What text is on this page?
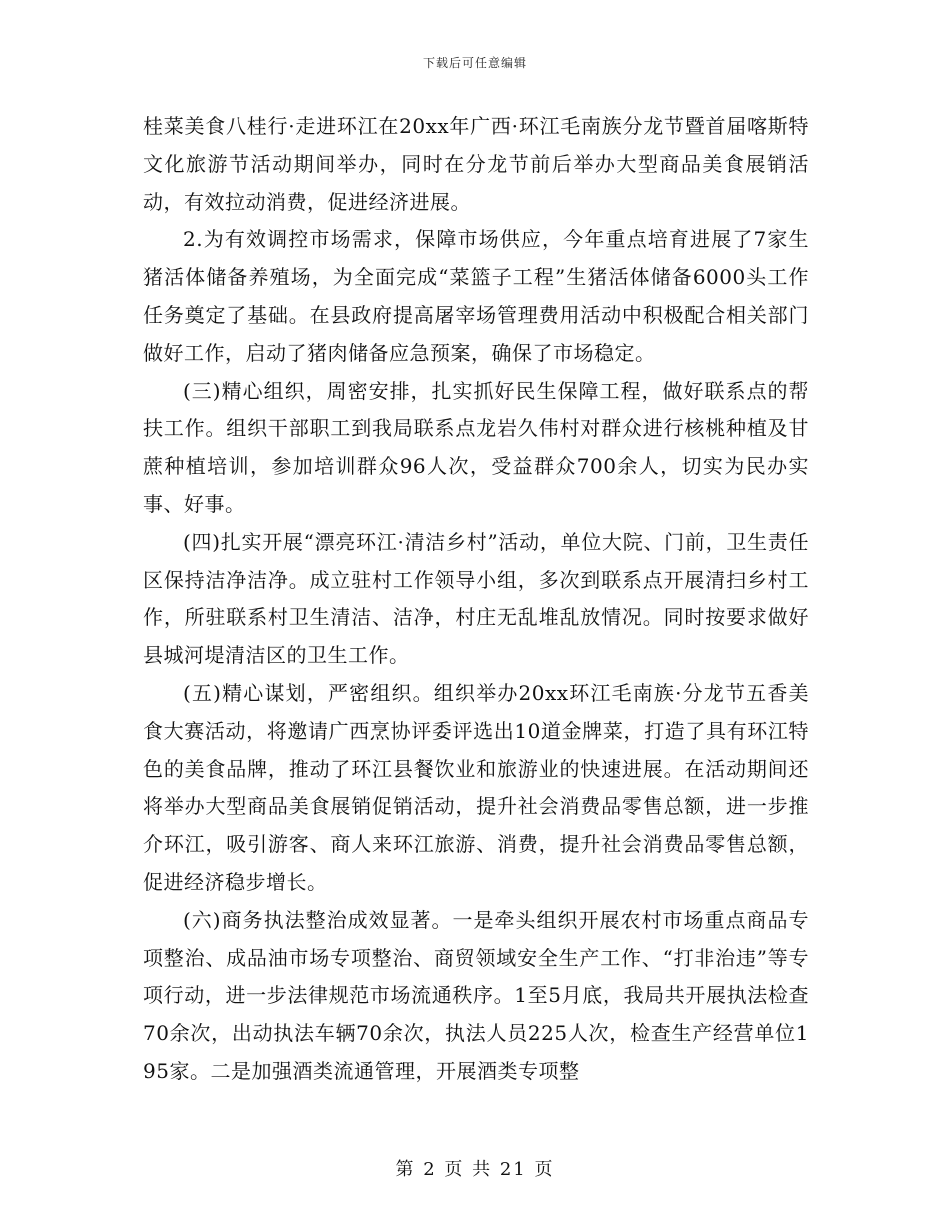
下载后可任意编辑

桂菜美食八桂行·走进环江在20xx年广西·环江毛南族分龙节暨首届喀斯特文化旅游节活动期间举办，同时在分龙节前后举办大型商品美食展销活动，有效拉动消费，促进经济进展。

2.为有效调控市场需求，保障市场供应，今年重点培育进展了7家生猪活体储备养殖场，为全面完成“菜篮子工程”生猪活体储备6000头工作任务奠定了基础。在县政府提高屠宰场管理费用活动中积极配合相关部门做好工作，启动了猪肉储备应急预案，确保了市场稳定。

(三)精心组织，周密安排，扎实抓好民生保障工程，做好联系点的帮扶工作。组织干部职工到我局联系点龙岩久伟村对群众进行核桃种植及甘蔗种植培训，参加培训群众96人次，受益群众700余人，切实为民办实事、好事。

(四)扎实开展“漂亮环江·清洁乡村”活动，单位大院、门前，卫生责任区保持洁净洁净。成立驻村工作领导小组，多次到联系点开展清扫乡村工作，所驻联系村卫生清洁、洁净，村庄无乱堆乱放情况。同时按要求做好县城河堤清洁区的卫生工作。

(五)精心谋划，严密组织。组织举办20xx环江毛南族·分龙节五香美食大赛活动，将邀请广西烹协评委评选出10道金牌菜，打造了具有环江特色的美食品牌，推动了环江县餐饮业和旅游业的快速进展。在活动期间还将举办大型商品美食展销促销活动，提升社会消费品零售总额，进一步推介环江，吸引游客、商人来环江旅游、消费，提升社会消费品零售总额，促进经济稳步增长。

(六)商务执法整治成效显著。一是牵头组织开展农村市场重点商品专项整治、成品油市场专项整治、商贸领域安全生产工作、“打非治违”等专项行动，进一步法律规范市场流通秩序。1至5月底，我局共开展执法检查70余次，出动执法车辆70余次，执法人员225人次，检查生产经营单位195家。二是加强酒类流通管理，开展酒类专项整

第 2 页 共 21 页
